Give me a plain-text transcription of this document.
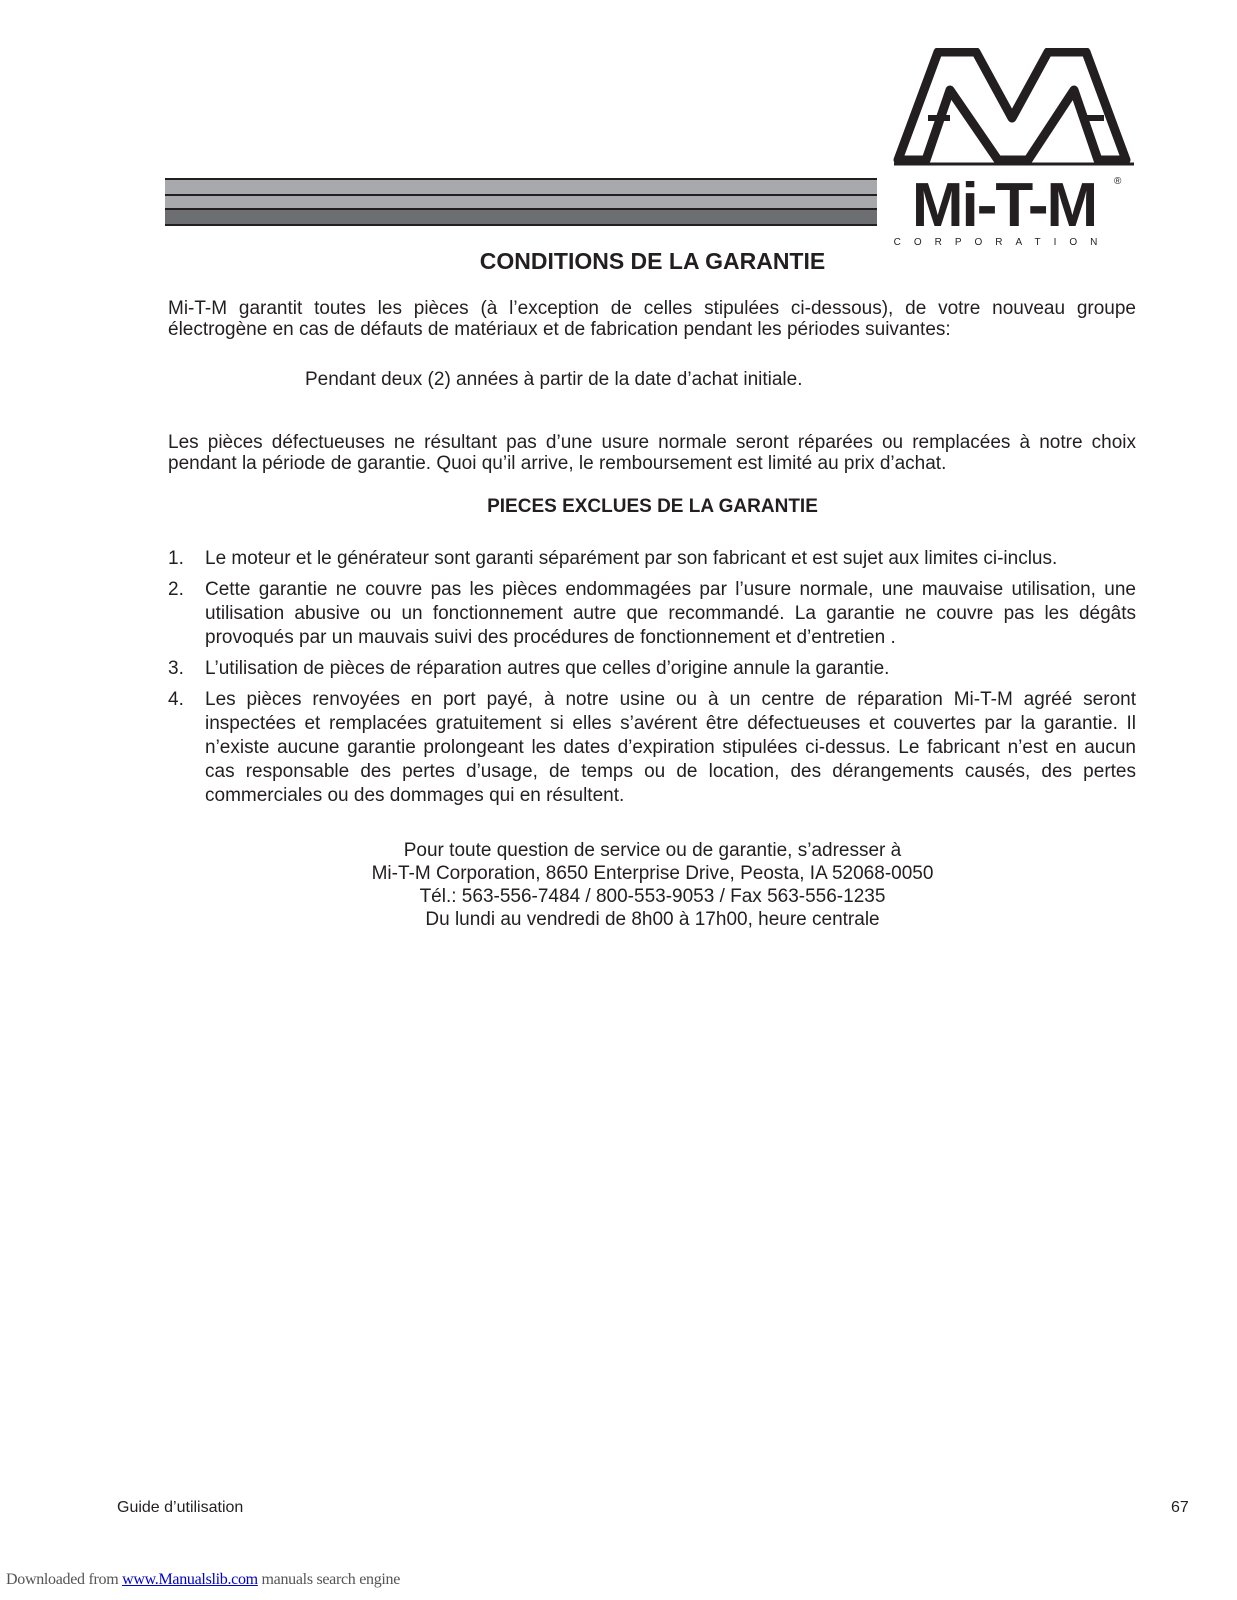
Mi-T-M ®
CORPORATION
CONDITIONS DE LA GARANTIE

Mi-T-M garantit toutes les pièces (à l’exception de celles stipulées ci-dessous), de votre nouveau groupe électrogène en cas de défauts de matériaux et de fabrication pendant les périodes suivantes:

Pendant deux (2) années à partir de la date d’achat initiale.

Les pièces défectueuses ne résultant pas d’une usure normale seront réparées ou remplacées à notre choix pendant la période de garantie. Quoi qu’il arrive, le remboursement est limité au prix d’achat.

PIECES EXCLUES DE LA GARANTIE
1. Le moteur et le générateur sont garanti séparément par son fabricant et est sujet aux limites ci-inclus.
2. Cette garantie ne couvre pas les pièces endommagées par l’usure normale, une mauvaise utilisation, une utilisation abusive ou un fonctionnement autre que recommandé. La garantie ne couvre pas les dégâts provoqués par un mauvais suivi des procédures de fonctionnement et d’entretien .
3. L’utilisation de pièces de réparation autres que celles d’origine annule la garantie.
4. Les pièces renvoyées en port payé, à notre usine ou à un centre de réparation Mi-T-M agréé seront inspectées et remplacées gratuitement si elles s’avérent être défectueuses et couvertes par la garantie. Il n’existe aucune garantie prolongeant les dates d’expiration stipulées ci-dessus. Le fabricant n’est en aucun cas responsable des pertes d’usage, de temps ou de location, des dérangements causés, des pertes commerciales ou des dommages qui en résultent.
Pour toute question de service ou de garantie, s’adresser à
Mi-T-M Corporation, 8650 Enterprise Drive, Peosta, IA 52068-0050
Tél.: 563-556-7484 / 800-553-9053 / Fax 563-556-1235
Du lundi au vendredi de 8h00 à 17h00, heure centrale
Guide d’utilisation	67
Downloaded from www.Manualslib.com manuals search engine
